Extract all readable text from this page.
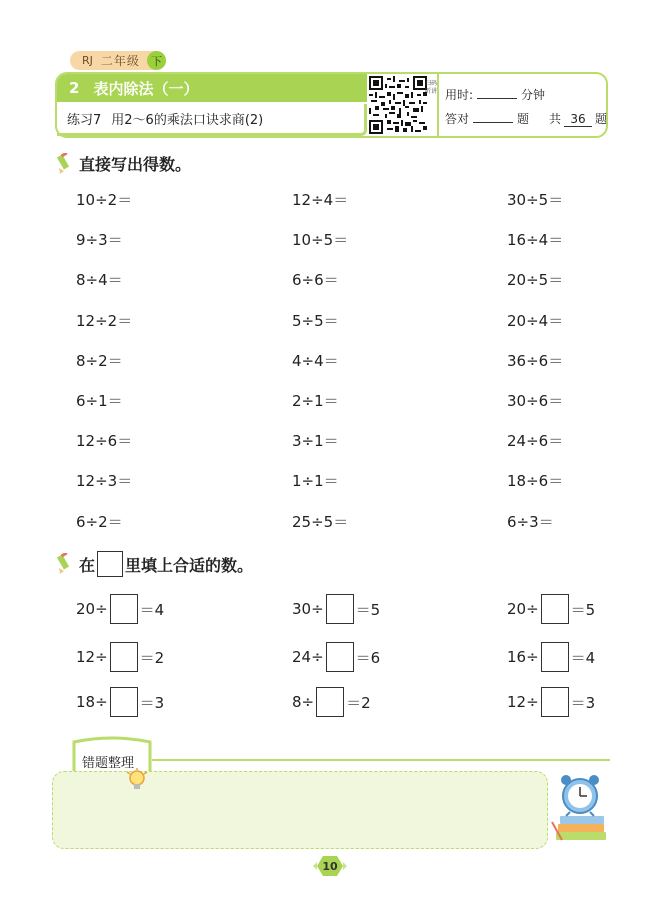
RJ 二年级	下
2 表内除法（一）
练习7 用2～6的乘法口诀求商(2)
扫码听讲 用时:	分钟
答对	题 共 36 题
直接写出得数。
10÷2＝	12÷4＝	30÷5＝
9÷3＝	10÷5＝	16÷4＝
8÷4＝	6÷6＝	20÷5＝
12÷2＝	5÷5＝	20÷4＝
8÷2＝	4÷4＝	36÷6＝
6÷1＝	2÷1＝	30÷6＝
12÷6＝	3÷1＝	24÷6＝
12÷3＝	1÷1＝	18÷6＝
6÷2＝	25÷5＝	6÷3＝
在 里填上合适的数。
20÷ ＝4	30÷ ＝5	20÷ ＝5
12÷ ＝2	24÷ ＝6	16÷ ＝4
18÷ ＝3	8÷ ＝2	12÷ ＝3
错题整理
10
